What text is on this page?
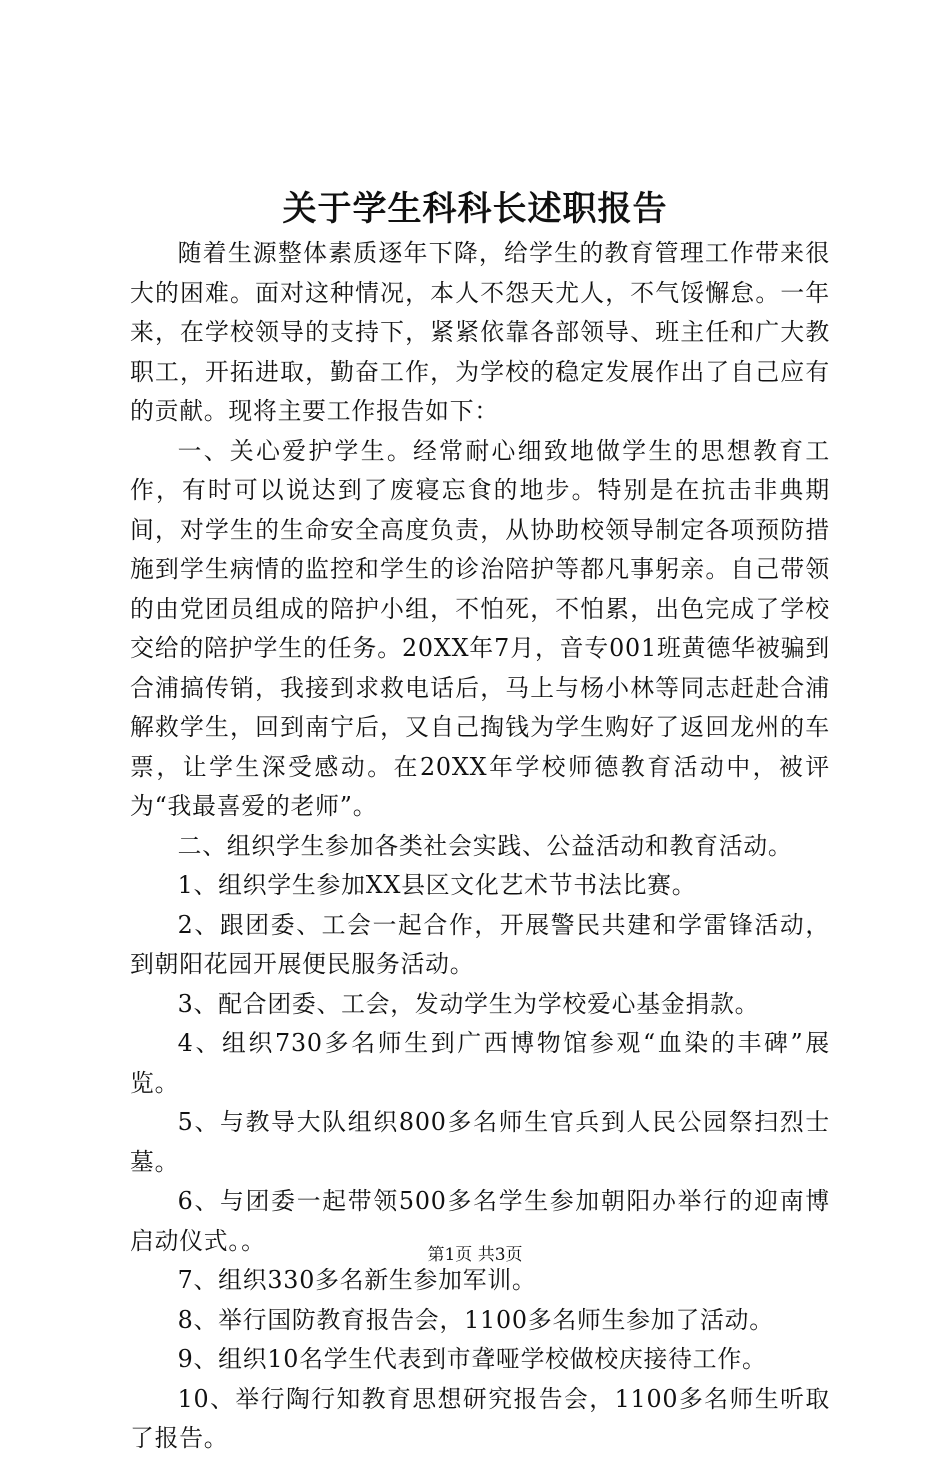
关于学生科科长述职报告

随着生源整体素质逐年下降，给学生的教育管理工作带来很大的困难。面对这种情况，本人不怨天尤人，不气馁懈怠。一年来，在学校领导的支持下，紧紧依靠各部领导、班主任和广大教职工，开拓进取，勤奋工作，为学校的稳定发展作出了自己应有的贡献。现将主要工作报告如下：

一、关心爱护学生。经常耐心细致地做学生的思想教育工作，有时可以说达到了废寝忘食的地步。特别是在抗击非典期间，对学生的生命安全高度负责，从协助校领导制定各项预防措施到学生病情的监控和学生的诊治陪护等都凡事躬亲。自己带领的由党团员组成的陪护小组，不怕死，不怕累，出色完成了学校交给的陪护学生的任务。20XX年7月，音专001班黄德华被骗到合浦搞传销，我接到求救电话后，马上与杨小林等同志赶赴合浦解救学生，回到南宁后，又自己掏钱为学生购好了返回龙州的车票，让学生深受感动。在20XX年学校师德教育活动中，被评为“我最喜爱的老师”。

二、组织学生参加各类社会实践、公益活动和教育活动。

1、组织学生参加XX县区文化艺术节书法比赛。

2、跟团委、工会一起合作，开展警民共建和学雷锋活动，到朝阳花园开展便民服务活动。

3、配合团委、工会，发动学生为学校爱心基金捐款。

4、组织730多名师生到广西博物馆参观“血染的丰碑”展览。

5、与教导大队组织800多名师生官兵到人民公园祭扫烈士墓。

6、与团委一起带领500多名学生参加朝阳办举行的迎南博启动仪式。。

7、组织330多名新生参加军训。

8、举行国防教育报告会，1100多名师生参加了活动。

9、组织10名学生代表到市聋哑学校做校庆接待工作。

10、举行陶行知教育思想研究报告会，1100多名师生听取了报告。

第1页 共3页
